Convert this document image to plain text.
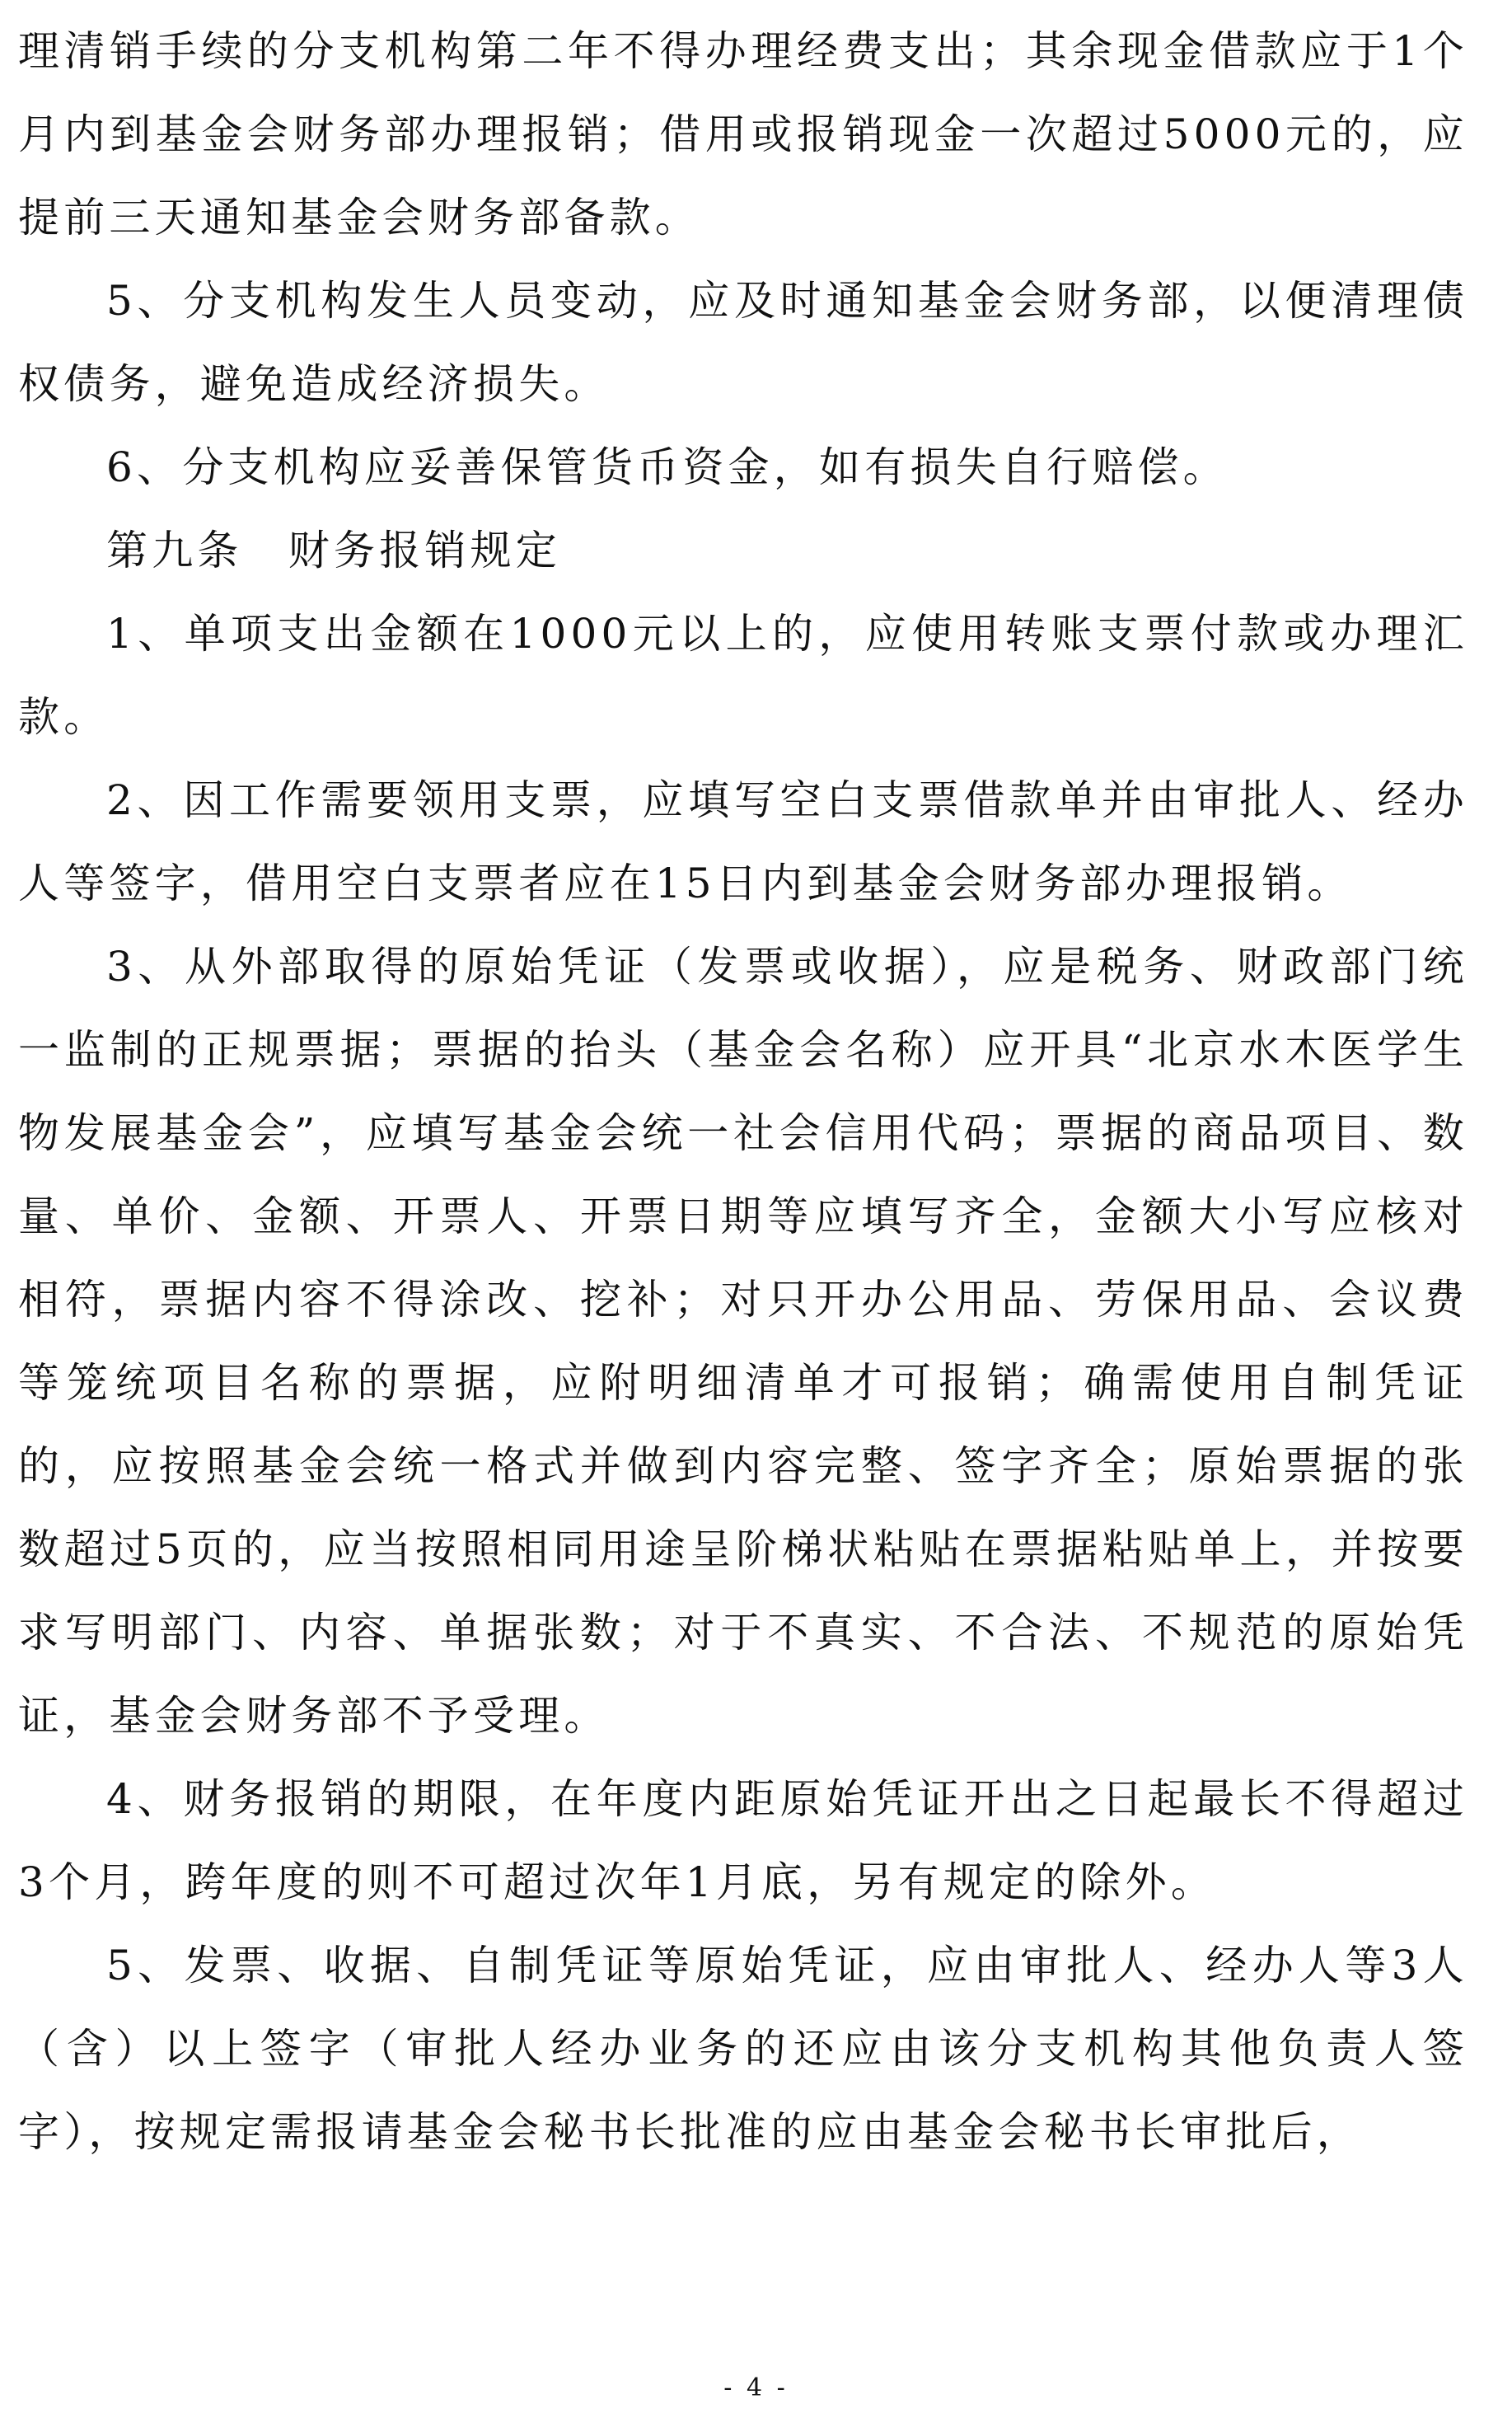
理清销手续的分支机构第二年不得办理经费支出；其余现金借款应于1个月内到基金会财务部办理报销；借用或报销现金一次超过5000元的，应提前三天通知基金会财务部备款。

5、分支机构发生人员变动，应及时通知基金会财务部，以便清理债权债务，避免造成经济损失。

6、分支机构应妥善保管货币资金，如有损失自行赔偿。

第九条　财务报销规定

1、单项支出金额在1000元以上的，应使用转账支票付款或办理汇款。

2、因工作需要领用支票，应填写空白支票借款单并由审批人、经办人等签字，借用空白支票者应在15日内到基金会财务部办理报销。

3、从外部取得的原始凭证（发票或收据），应是税务、财政部门统一监制的正规票据；票据的抬头（基金会名称）应开具“北京水木医学生物发展基金会”，应填写基金会统一社会信用代码；票据的商品项目、数量、单价、金额、开票人、开票日期等应填写齐全，金额大小写应核对相符，票据内容不得涂改、挖补；对只开办公用品、劳保用品、会议费等笼统项目名称的票据，应附明细清单才可报销；确需使用自制凭证的，应按照基金会统一格式并做到内容完整、签字齐全；原始票据的张数超过5页的，应当按照相同用途呈阶梯状粘贴在票据粘贴单上，并按要求写明部门、内容、单据张数；对于不真实、不合法、不规范的原始凭证，基金会财务部不予受理。

4、财务报销的期限，在年度内距原始凭证开出之日起最长不得超过3个月，跨年度的则不可超过次年1月底，另有规定的除外。

5、发票、收据、自制凭证等原始凭证，应由审批人、经办人等3人（含）以上签字（审批人经办业务的还应由该分支机构其他负责人签字），按规定需报请基金会秘书长批准的应由基金会秘书长审批后，

- 4 -
